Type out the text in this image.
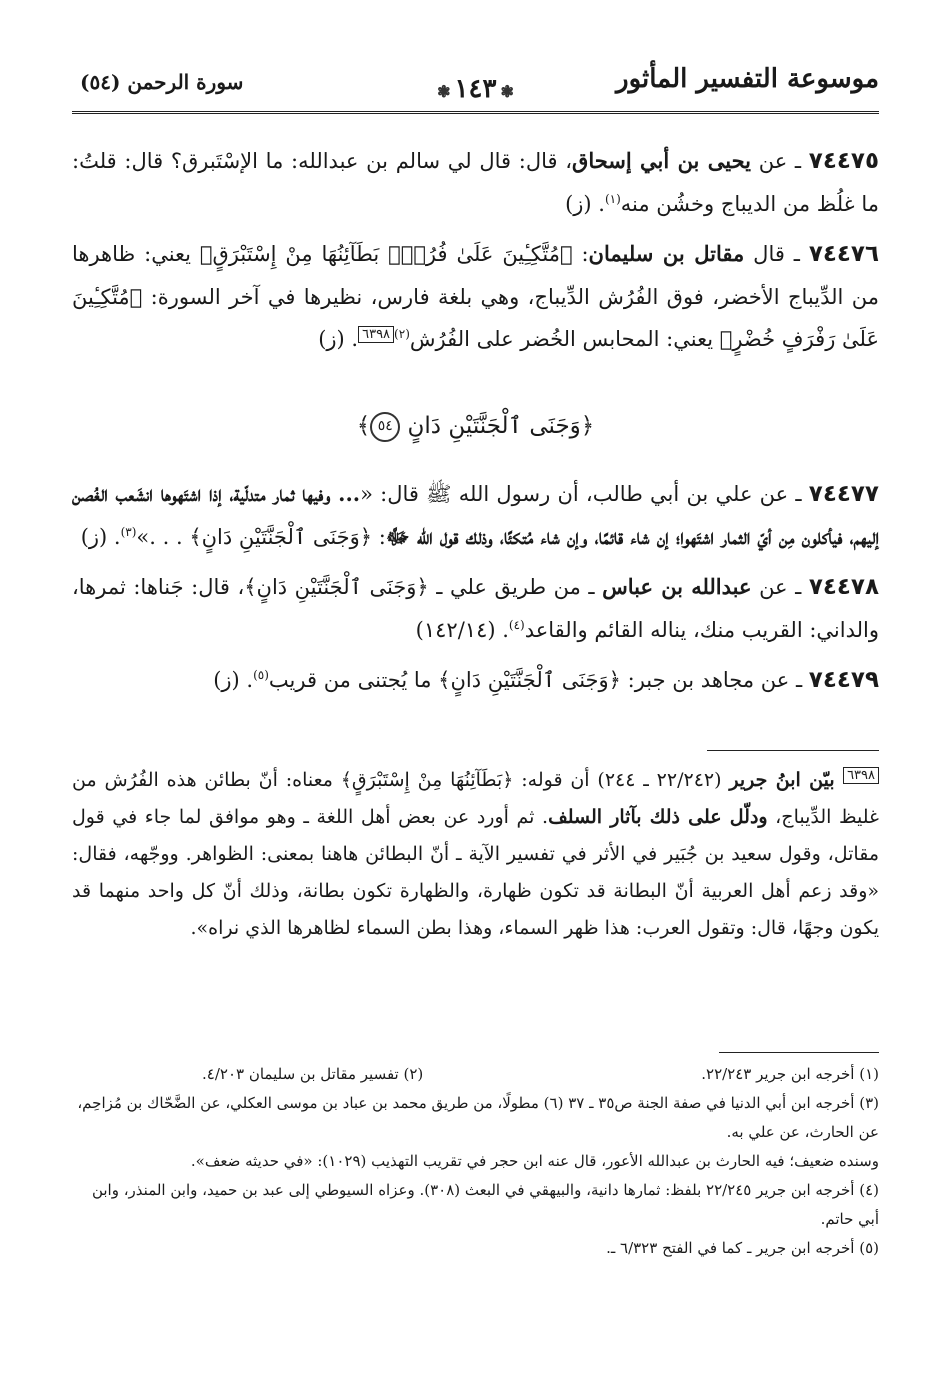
موسوعة التفسير المأثور
❃١٤٣❃
سورة الرحمن (٥٤)

٧٤٤٧٥ ـ عن يحيى بن أبي إسحاق، قال: قال لي سالم بن عبدالله: ما الإسْتَبرق؟ قال: قلتُ: ما غلُظ من الديباج وخشُن منه$^{(١)}$. (ز)

٧٤٤٧٦ ـ قال مقاتل بن سليمان: ﴿مُتَّكِـِٔينَ عَلَىٰ فُرُشٍۭ بَطَآئِنُهَا مِنْ إِسْتَبْرَقٍ﴾ يعني: ظاهرها من الدِّيباج الأخضر، فوق الفُرُش الدِّيباج، وهي بلغة فارس، نظيرها في آخر السورة: ﴿مُتَّكِـِٔينَ عَلَىٰ رَفْرَفٍ خُضْرٍ﴾ يعني: المحابس الخُضر على الفُرُش$^{(٢)}$٦٣٩٨. (ز)

﴿وَجَنَى ٱلْجَنَّتَيْنِ دَانٍ ٥٤﴾

٧٤٤٧٧ ـ عن علي بن أبي طالب، أن رسول الله ﷺ قال: «... وفيها ثمار متدلّية، إذا اشتَهوها انشَعب الغُصن إليهم، فيأكلون مِن أيّ الثمار اشتَهوا؛ إن شاء قائمًا، وإن شاء مُتكئًا، وذلك قول الله ﷻ: ﴿وَجَنَى ٱلْجَنَّتَيْنِ دَانٍ﴾ . . .»$^{(٣)}$. (ز)

٧٤٤٧٨ ـ عن عبدالله بن عباس ـ من طريق علي ـ ﴿وَجَنَى ٱلْجَنَّتَيْنِ دَانٍ﴾، قال: جَناها: ثمرها، والداني: القريب منك، يناله القائم والقاعد$^{(٤)}$. (١٤٢/١٤)

٧٤٤٧٩ ـ عن مجاهد بن جبر: ﴿وَجَنَى ٱلْجَنَّتَيْنِ دَانٍ﴾ ما يُجتنى من قريب$^{(٥)}$. (ز)

٦٣٩٨ بيّن ابنُ جرير (٢٢/٢٤٢ ـ ٢٤٤) أن قوله: ﴿بَطَآئِنُهَا مِنْ إِسْتَبْرَقٍ﴾ معناه: أنّ بطائن هذه الفُرُش من غليظ الدِّيباج، ودلّل على ذلك بآثار السلف. ثم أورد عن بعض أهل اللغة ـ وهو موافق لما جاء في قول مقاتل، وقول سعيد بن جُبَير في الأثر في تفسير الآية ـ أنّ البطائن هاهنا بمعنى: الظواهر. ووجّهه، فقال: «وقد زعم أهل العربية أنّ البطانة قد تكون ظهارة، والظهارة تكون بطانة، وذلك أنّ كل واحد منهما قد يكون وجهًا، قال: وتقول العرب: هذا ظهر السماء، وهذا بطن السماء لظاهرها الذي نراه».
(١) أخرجه ابن جرير ٢٢/٢٤٣.
(٢) تفسير مقاتل بن سليمان ٤/٢٠٣.

(٣) أخرجه ابن أبي الدنيا في صفة الجنة ص٣٥ ـ ٣٧ (٦) مطولًا، من طريق محمد بن عباد بن موسى العكلي، عن الضَّحّاك بن مُزاحِم، عن الحارث، عن علي به.

وسنده ضعيف؛ فيه الحارث بن عبدالله الأعور، قال عنه ابن حجر في تقريب التهذيب (١٠٢٩): «في حديثه ضعف».

(٤) أخرجه ابن جرير ٢٢/٢٤٥ بلفظ: ثمارها دانية، والبيهقي في البعث (٣٠٨). وعزاه السيوطي إلى عبد بن حميد، وابن المنذر، وابن أبي حاتم.

(٥) أخرجه ابن جرير ـ كما في الفتح ٦/٣٢٣ ـ.
